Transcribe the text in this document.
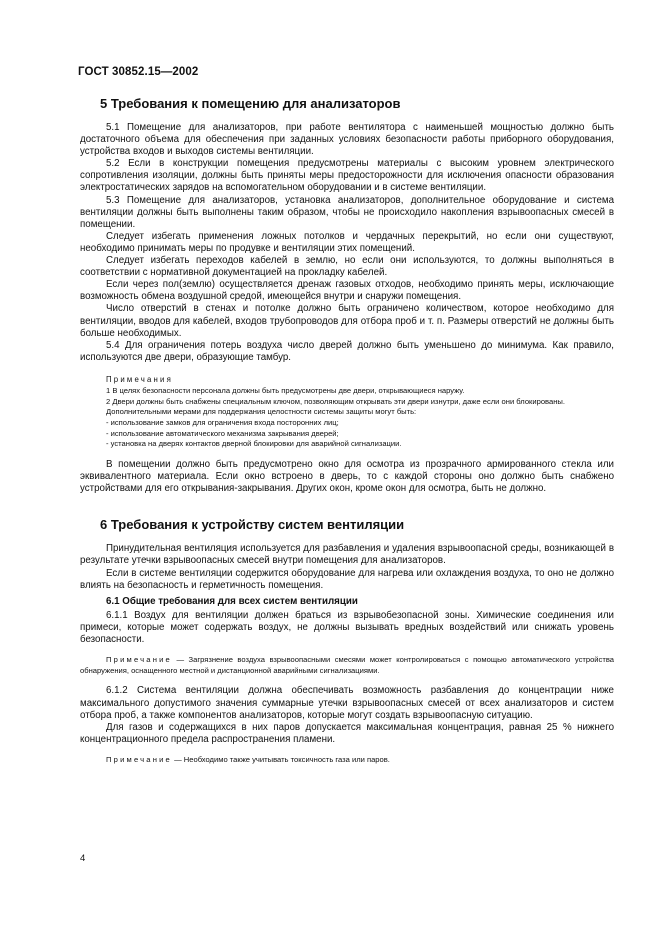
ГОСТ 30852.15—2002
5 Требования к помещению для анализаторов

5.1 Помещение для анализаторов, при работе вентилятора с наименьшей мощностью должно быть достаточного объема для обеспечения при заданных условиях безопасности работы приборного оборудования, устройства входов и выходов системы вентиляции.

5.2 Если в конструкции помещения предусмотрены материалы с высоким уровнем электрического сопротивления изоляции, должны быть приняты меры предосторожности для исключения опасности образования электростатических зарядов на вспомогательном оборудовании и в системе вентиляции.

5.3 Помещение для анализаторов, установка анализаторов, дополнительное оборудование и система вентиляции должны быть выполнены таким образом, чтобы не происходило накопления взрывоопасных смесей в помещении.

Следует избегать применения ложных потолков и чердачных перекрытий, но если они существуют, необходимо принимать меры по продувке и вентиляции этих помещений.

Следует избегать переходов кабелей в землю, но если они используются, то должны выполняться в соответствии с нормативной документацией на прокладку кабелей.

Если через пол(землю) осуществляется дренаж газовых отходов, необходимо принять меры, исключающие возможность обмена воздушной средой, имеющейся внутри и снаружи помещения.

Число отверстий в стенах и потолке должно быть ограничено количеством, которое необходимо для вентиляции, вводов для кабелей, входов трубопроводов для отбора проб и т. п. Размеры отверстий не должны быть больше необходимых.

5.4 Для ограничения потерь воздуха число дверей должно быть уменьшено до минимума. Как правило, используются две двери, образующие тамбур.

Примечания

1 В целях безопасности персонала должны быть предусмотрены две двери, открывающиеся наружу.

2 Двери должны быть снабжены специальным ключом, позволяющим открывать эти двери изнутри, даже если они блокированы.

Дополнительными мерами для поддержания целостности системы защиты могут быть:

- использование замков для ограничения входа посторонних лиц;
- использование автоматического механизма закрывания дверей;
- установка на дверях контактов дверной блокировки для аварийной сигнализации.

В помещении должно быть предусмотрено окно для осмотра из прозрачного армированного стекла или эквивалентного материала. Если окно встроено в дверь, то с каждой стороны оно должно быть снабжено устройствами для его открывания-закрывания. Других окон, кроме окон для осмотра, быть не должно.

6 Требования к устройству систем вентиляции

Принудительная вентиляция используется для разбавления и удаления взрывоопасной среды, возникающей в результате утечки взрывоопасных смесей внутри помещения для анализаторов.

Если в системе вентиляции содержится оборудование для нагрева или охлаждения воздуха, то оно не должно влиять на безопасность и герметичность помещения.

6.1 Общие требования для всех систем вентиляции

6.1.1 Воздух для вентиляции должен браться из взрывобезопасной зоны. Химические соединения или примеси, которые может содержать воздух, не должны вызывать вредных воздействий или снижать уровень безопасности.

Примечание — Загрязнение воздуха взрывоопасными смесями может контролироваться с помощью автоматического устройства обнаружения, оснащенного местной и дистанционной аварийными сигнализациями.

6.1.2 Система вентиляции должна обеспечивать возможность разбавления до концентрации ниже максимального допустимого значения суммарные утечки взрывоопасных смесей от всех анализаторов и систем отбора проб, а также компонентов анализаторов, которые могут создать взрывоопасную ситуацию.

Для газов и содержащихся в них паров допускается максимальная концентрация, равная 25 % нижнего концентрационного предела распространения пламени.

Примечание — Необходимо также учитывать токсичность газа или паров.

4
